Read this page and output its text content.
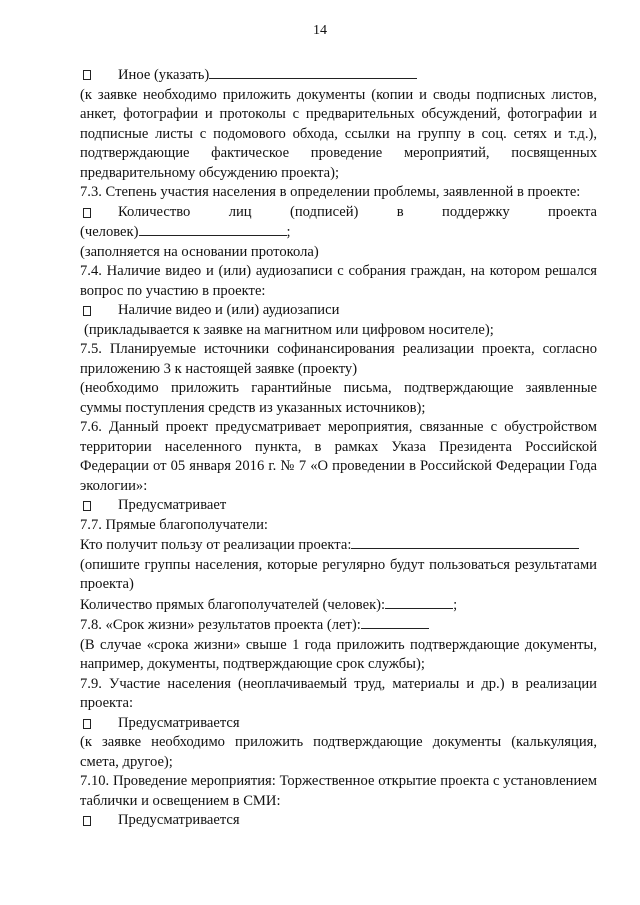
14

Иное (указать)

(к заявке необходимо приложить документы (копии и своды подписных листов, анкет, фотографии и протоколы с предварительных обсуждений, фотографии и подписные листы с подомового обхода, ссылки на группу в соц. сетях и т.д.), подтверждающие фактическое проведение мероприятий, посвященных предварительному обсуждению проекта);

7.3. Степень участия населения в определении проблемы, заявленной в проекте:

Количество лиц (подписей) в поддержку проекта

(человек)	;

(заполняется на основании протокола)

7.4. Наличие видео и (или) аудиозаписи с собрания граждан, на котором решался вопрос по участию в проекте:

Наличие видео и (или) аудиозаписи

(прикладывается к заявке на магнитном или цифровом носителе);

7.5. Планируемые источники софинансирования реализации проекта, согласно приложению 3 к настоящей заявке (проекту)

(необходимо приложить гарантийные письма, подтверждающие заявленные суммы поступления средств из указанных источников);

7.6. Данный проект предусматривает мероприятия, связанные с обустройством территории населенного пункта, в рамках Указа Президента Российской Федерации от 05 января 2016 г. № 7 «О проведении в Российской Федерации Года экологии»:

Предусматривает

7.7. Прямые благополучатели:

Кто получит пользу от реализации проекта:

(опишите группы населения, которые регулярно будут пользоваться результатами проекта)

Количество прямых благополучателей (человек):	;

7.8. «Срок жизни» результатов проекта (лет):

(В случае «срока жизни» свыше 1 года приложить подтверждающие документы, например, документы, подтверждающие срок службы);

7.9. Участие населения (неоплачиваемый труд, материалы и др.) в реализации проекта:

Предусматривается

(к заявке необходимо приложить подтверждающие документы (калькуляция, смета, другое);

7.10. Проведение мероприятия: Торжественное открытие проекта с установлением таблички и освещением в СМИ:

Предусматривается
